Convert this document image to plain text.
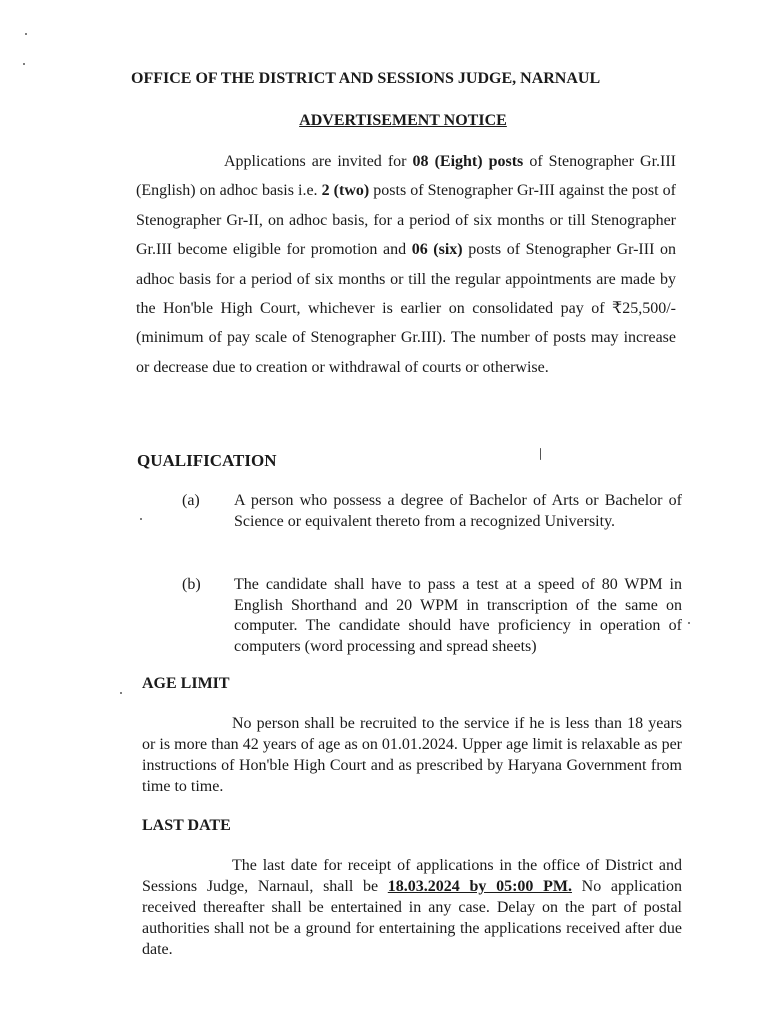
OFFICE OF THE DISTRICT AND SESSIONS JUDGE, NARNAUL
ADVERTISEMENT NOTICE
Applications are invited for 08 (Eight) posts of Stenographer Gr.III (English) on adhoc basis i.e. 2 (two) posts of Stenographer Gr-III against the post of Stenographer Gr-II, on adhoc basis, for a period of six months or till Stenographer Gr.III become eligible for promotion and 06 (six) posts of Stenographer Gr-III on adhoc basis for a period of six months or till the regular appointments are made by the Hon'ble High Court, whichever is earlier on consolidated pay of ₹25,500/- (minimum of pay scale of Stenographer Gr.III). The number of posts may increase or decrease due to creation or withdrawal of courts or otherwise.
QUALIFICATION
(a) A person who possess a degree of Bachelor of Arts or Bachelor of Science or equivalent thereto from a recognized University.
(b) The candidate shall have to pass a test at a speed of 80 WPM in English Shorthand and 20 WPM in transcription of the same on computer. The candidate should have proficiency in operation of computers (word processing and spread sheets)
AGE LIMIT
No person shall be recruited to the service if he is less than 18 years or is more than 42 years of age as on 01.01.2024. Upper age limit is relaxable as per instructions of Hon'ble High Court and as prescribed by Haryana Government from time to time.
LAST DATE
The last date for receipt of applications in the office of District and Sessions Judge, Narnaul, shall be 18.03.2024 by 05:00 PM. No application received thereafter shall be entertained in any case. Delay on the part of postal authorities shall not be a ground for entertaining the applications received after due date.
